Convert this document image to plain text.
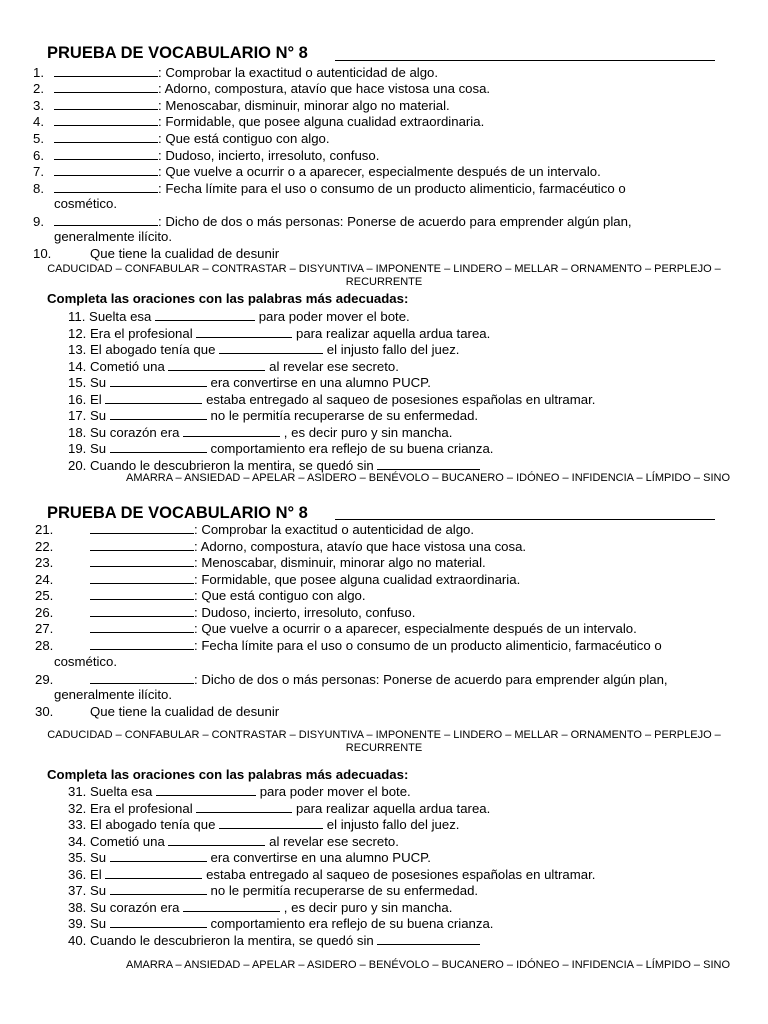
PRUEBA DE VOCABULARIO N° 8
1.	: Comprobar la exactitud o autenticidad de algo.
2.	: Adorno, compostura, atavío que hace vistosa una cosa.
3.	: Menoscabar, disminuir, minorar algo no material.
4.	: Formidable, que posee alguna cualidad extraordinaria.
5.	: Que está contiguo con algo.
6.	: Dudoso, incierto, irresoluto, confuso.
7.	: Que vuelve a ocurrir o a aparecer, especialmente después de un intervalo.
8.	: Fecha límite para el uso o consumo de un producto alimenticio, farmacéutico o
9.	: Dicho de dos o más personas: Ponerse de acuerdo para emprender algún plan,
cosmético.
generalmente ilícito.
10.	Que tiene la cualidad de desunir
CADUCIDAD – CONFABULAR – CONTRASTAR – DISYUNTIVA – IMPONENTE – LINDERO – MELLAR – ORNAMENTO – PERPLEJO – RECURRENTE
Completa las oraciones con las palabras más adecuadas:
11. Suelta esa	para poder mover el bote.
12. Era el profesional	para realizar aquella ardua tarea.
13. El abogado tenía que	el injusto fallo del juez.
14. Cometió una	al revelar ese secreto.
15. Su	era convertirse en una alumno PUCP.
16. El	estaba entregado al saqueo de posesiones españolas en ultramar.
17. Su	no le permitía recuperarse de su enfermedad.
18. Su corazón era	, es decir puro y sin mancha.
19. Su	comportamiento era reflejo de su buena crianza.
20. Cuando le descubrieron la mentira, se quedó sin
AMARRA – ANSIEDAD – APELAR – ASIDERO – BENÉVOLO – BUCANERO – IDÓNEO – INFIDENCIA – LÍMPIDO – SINO
PRUEBA DE VOCABULARIO N° 8
21.	: Comprobar la exactitud o autenticidad de algo.
22.	: Adorno, compostura, atavío que hace vistosa una cosa.
23.	: Menoscabar, disminuir, minorar algo no material.
24.	: Formidable, que posee alguna cualidad extraordinaria.
25.	: Que está contiguo con algo.
26.	: Dudoso, incierto, irresoluto, confuso.
27.	: Que vuelve a ocurrir o a aparecer, especialmente después de un intervalo.
28.	: Fecha límite para el uso o consumo de un producto alimenticio, farmacéutico o
29.	: Dicho de dos o más personas: Ponerse de acuerdo para emprender algún plan,
cosmético.
generalmente ilícito.
30.	Que tiene la cualidad de desunir
CADUCIDAD – CONFABULAR – CONTRASTAR – DISYUNTIVA – IMPONENTE – LINDERO – MELLAR – ORNAMENTO – PERPLEJO – RECURRENTE
Completa las oraciones con las palabras más adecuadas:
31. Suelta esa	para poder mover el bote.
32. Era el profesional	para realizar aquella ardua tarea.
33. El abogado tenía que	el injusto fallo del juez.
34. Cometió una	al revelar ese secreto.
35. Su	era convertirse en una alumno PUCP.
36. El	estaba entregado al saqueo de posesiones españolas en ultramar.
37. Su	no le permitía recuperarse de su enfermedad.
38. Su corazón era	, es decir puro y sin mancha.
39. Su	comportamiento era reflejo de su buena crianza.
40. Cuando le descubrieron la mentira, se quedó sin
AMARRA – ANSIEDAD – APELAR – ASIDERO – BENÉVOLO – BUCANERO – IDÓNEO – INFIDENCIA – LÍMPIDO – SINO
